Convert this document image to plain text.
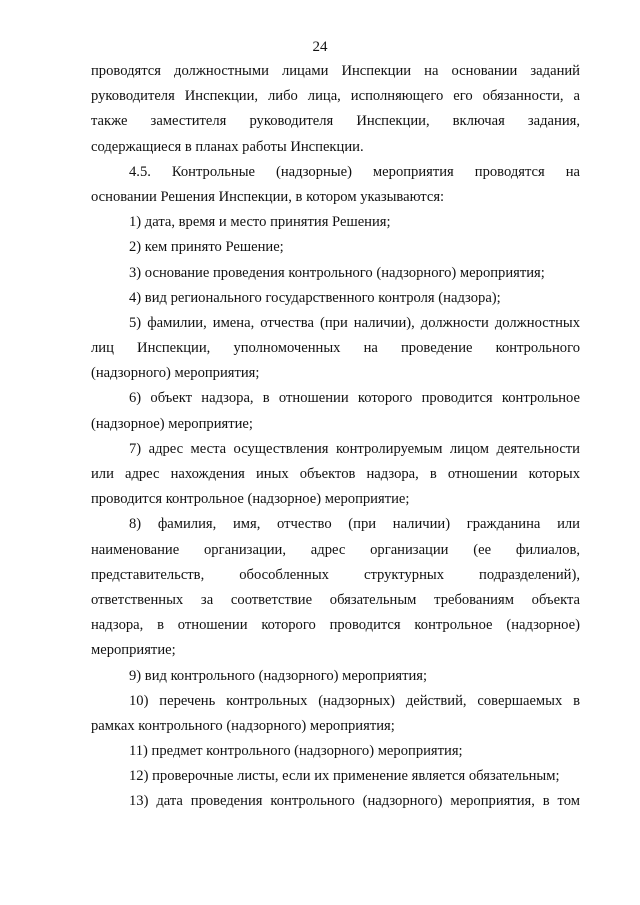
24
проводятся должностными лицами Инспекции на основании заданий
руководителя Инспекции, либо лица, исполняющего его обязанности, а
также заместителя руководителя Инспекции, включая задания,
содержащиеся в планах работы Инспекции.
4.5. Контрольные (надзорные) мероприятия проводятся на
основании Решения Инспекции, в котором указываются:
1) дата, время и место принятия Решения;
2) кем принято Решение;
3) основание проведения контрольного (надзорного) мероприятия;
4) вид регионального государственного контроля (надзора);
5) фамилии, имена, отчества (при наличии), должности должностных
лиц Инспекции, уполномоченных на проведение контрольного
(надзорного) мероприятия;
6) объект надзора, в отношении которого проводится контрольное
(надзорное) мероприятие;
7) адрес места осуществления контролируемым лицом деятельности
или адрес нахождения иных объектов надзора, в отношении которых
проводится контрольное (надзорное) мероприятие;
8) фамилия, имя, отчество (при наличии) гражданина или
наименование организации, адрес организации (ее филиалов,
представительств, обособленных структурных подразделений),
ответственных за соответствие обязательным требованиям объекта
надзора, в отношении которого проводится контрольное (надзорное)
мероприятие;
9) вид контрольного (надзорного) мероприятия;
10) перечень контрольных (надзорных) действий, совершаемых в
рамках контрольного (надзорного) мероприятия;
11) предмет контрольного (надзорного) мероприятия;
12) проверочные листы, если их применение является обязательным;
13) дата проведения контрольного (надзорного) мероприятия, в том
